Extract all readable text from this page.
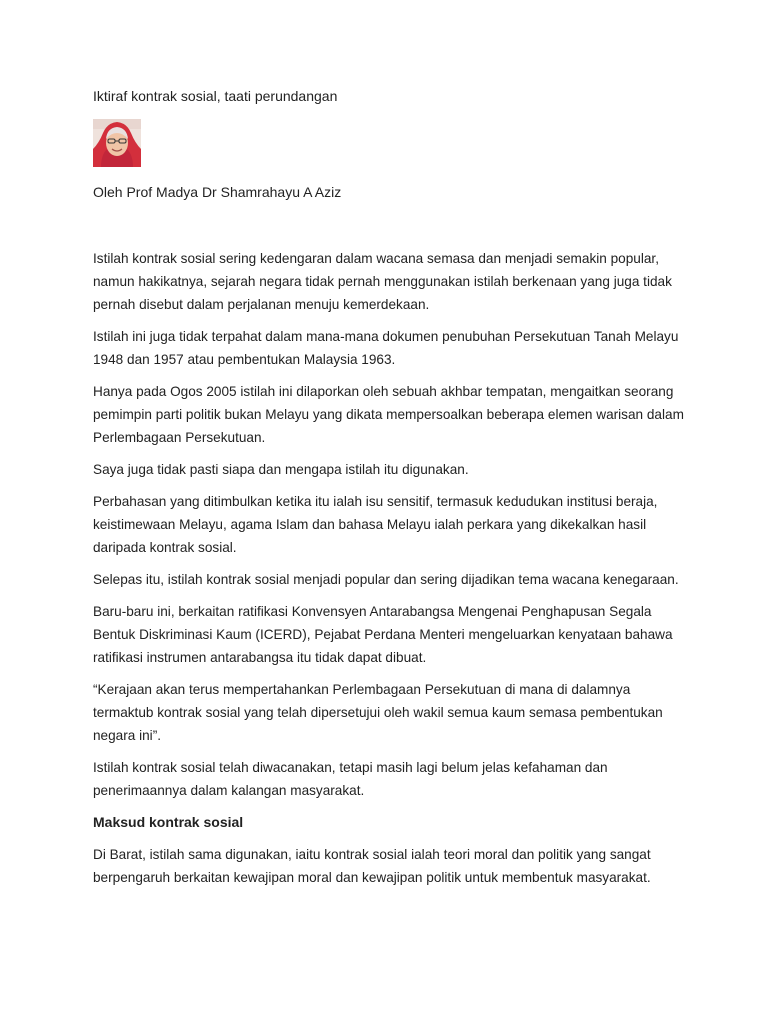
Iktiraf kontrak sosial, taati perundangan
Oleh Prof Madya Dr Shamrahayu A Aziz

Istilah kontrak sosial sering kedengaran dalam wacana semasa dan menjadi semakin popular, namun hakikatnya, sejarah negara tidak pernah menggunakan istilah berkenaan yang juga tidak pernah disebut dalam perjalanan menuju kemerdekaan.

Istilah ini juga tidak terpahat dalam mana-mana dokumen penubuhan Persekutuan Tanah Melayu 1948 dan 1957 atau pembentukan Malaysia 1963.

Hanya pada Ogos 2005 istilah ini dilaporkan oleh sebuah akhbar tempatan, mengaitkan seorang pemimpin parti politik bukan Melayu yang dikata mempersoalkan beberapa elemen warisan dalam Perlembagaan Persekutuan.

Saya juga tidak pasti siapa dan mengapa istilah itu digunakan.

Perbahasan yang ditimbulkan ketika itu ialah isu sensitif, termasuk kedudukan institusi beraja, keistimewaan Melayu, agama Islam dan bahasa Melayu ialah perkara yang dikekalkan hasil daripada kontrak sosial.

Selepas itu, istilah kontrak sosial menjadi popular dan sering dijadikan tema wacana kenegaraan.

Baru-baru ini, berkaitan ratifikasi Konvensyen Antarabangsa Mengenai Penghapusan Segala Bentuk Diskriminasi Kaum (ICERD), Pejabat Perdana Menteri mengeluarkan kenyataan bahawa ratifikasi instrumen antarabangsa itu tidak dapat dibuat.

“Kerajaan akan terus mempertahankan Perlembagaan Persekutuan di mana di dalamnya termaktub kontrak sosial yang telah dipersetujui oleh wakil semua kaum semasa pembentukan negara ini”.

Istilah kontrak sosial telah diwacanakan, tetapi masih lagi belum jelas kefahaman dan penerimaannya dalam kalangan masyarakat.

Maksud kontrak sosial

Di Barat, istilah sama digunakan, iaitu kontrak sosial ialah teori moral dan politik yang sangat berpengaruh berkaitan kewajipan moral dan kewajipan politik untuk membentuk masyarakat.
